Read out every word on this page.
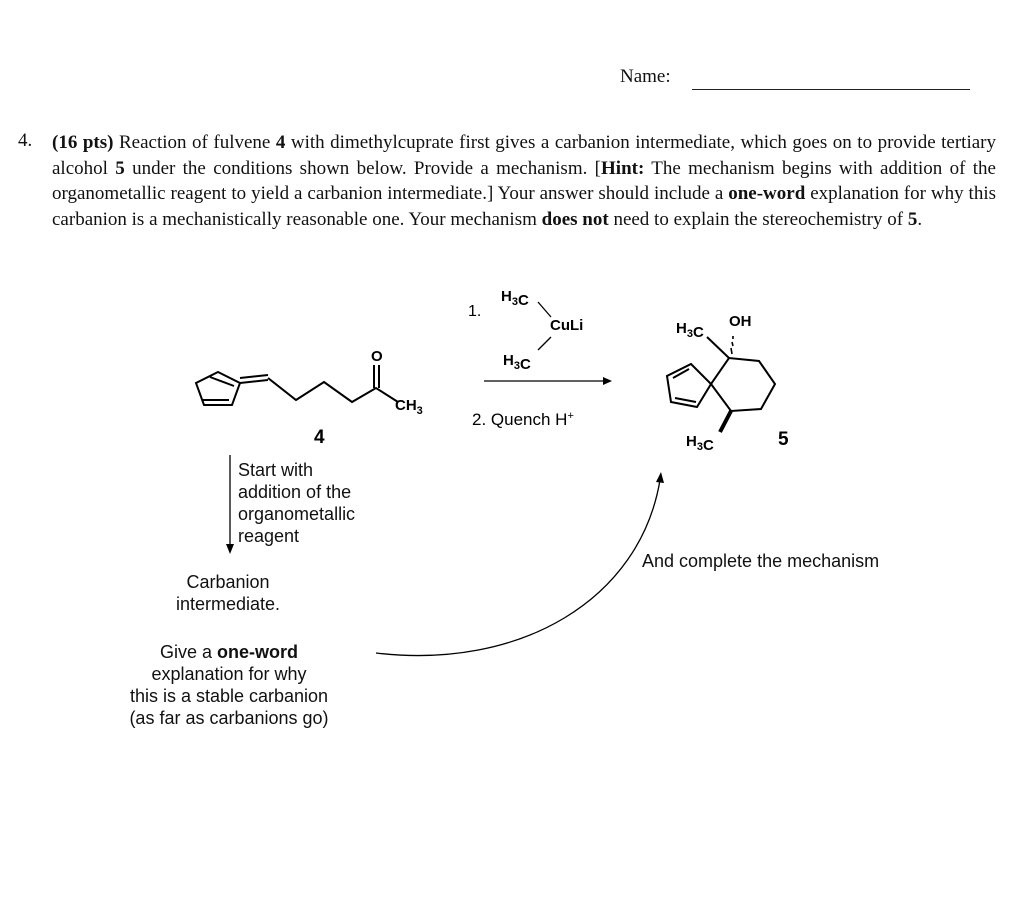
Name:
4. (16 pts) Reaction of fulvene 4 with dimethylcuprate first gives a carbanion intermediate, which goes on to provide tertiary alcohol 5 under the conditions shown below. Provide a mechanism. [Hint: The mechanism begins with addition of the organometallic reagent to yield a carbanion intermediate.] Your answer should include a one-word explanation for why this carbanion is a mechanistically reasonable one. Your mechanism does not need to explain the stereochemistry of 5.
O
$CH_3$
4
1.
$H_3C$
CuLi
$H_3C$
2. Quench H+
$H_3C$
OH
$H_3C$	5
Start with
addition of the
organometallic
reagent
Carbanion
intermediate.
Give a one-word
explanation for why
this is a stable carbanion
(as far as carbanions go)
And complete the mechanism
